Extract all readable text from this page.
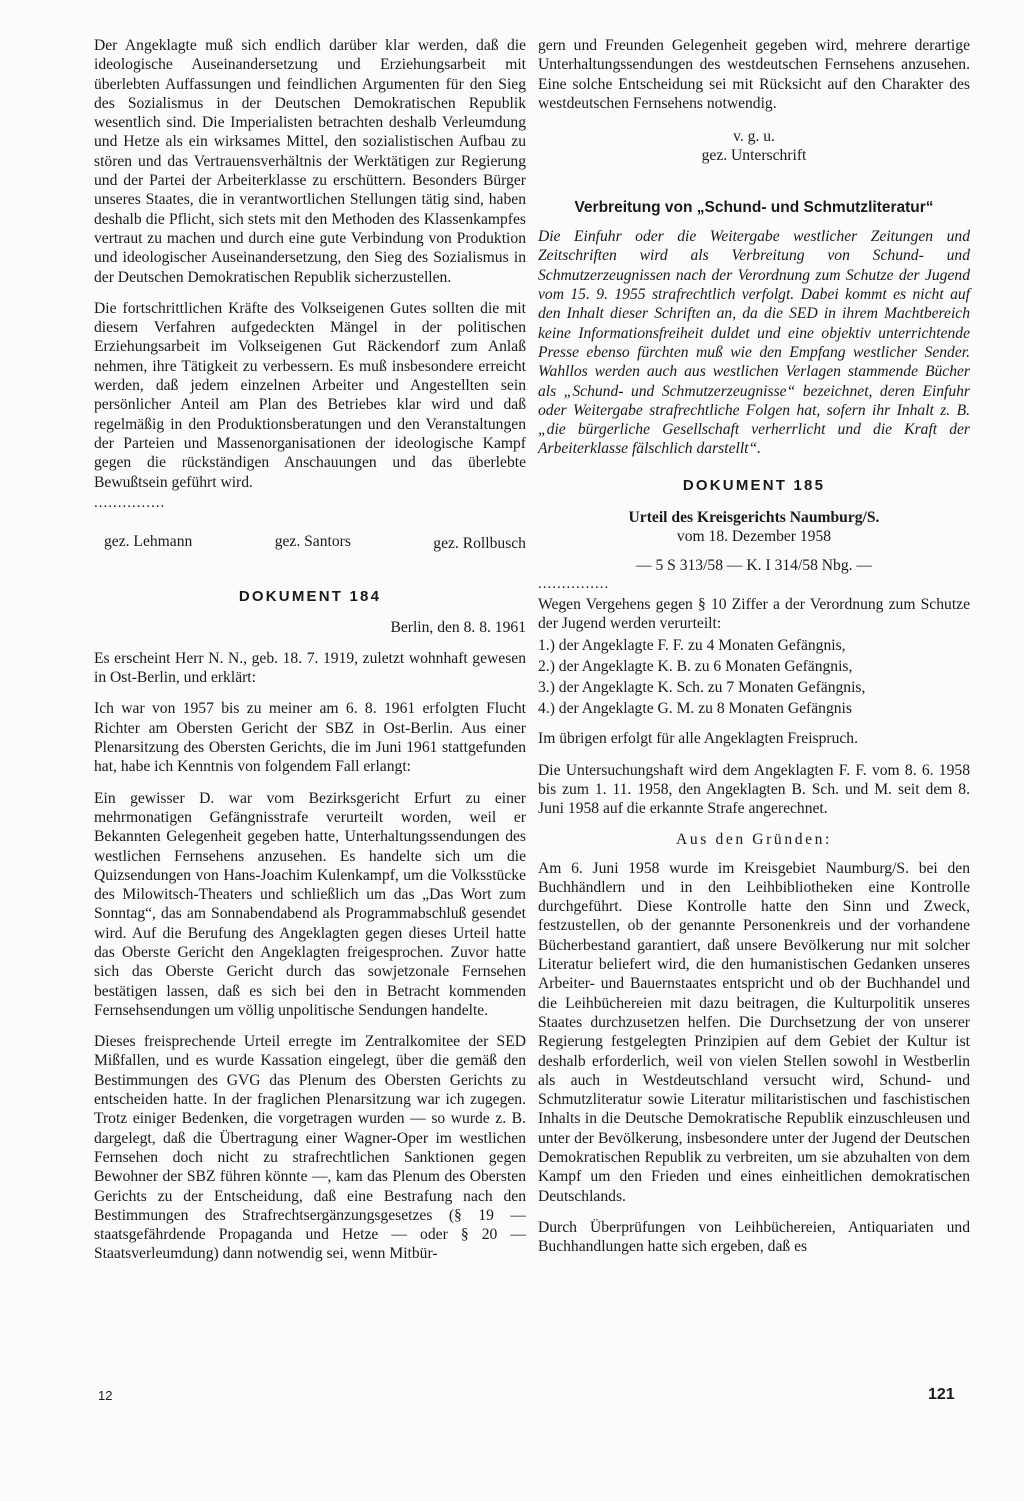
Der Angeklagte muß sich endlich darüber klar werden, daß die ideologische Auseinandersetzung und Erziehungsarbeit mit überlebten Auffassungen und feindlichen Argumenten für den Sieg des Sozialismus in der Deutschen Demokratischen Republik wesentlich sind. Die Imperialisten betrachten deshalb Verleumdung und Hetze als ein wirksames Mittel, den sozialistischen Aufbau zu stören und das Vertrauensverhältnis der Werktätigen zur Regierung und der Partei der Arbeiterklasse zu erschüttern. Besonders Bürger unseres Staates, die in verantwortlichen Stellungen tätig sind, haben deshalb die Pflicht, sich stets mit den Methoden des Klassenkampfes vertraut zu machen und durch eine gute Verbindung von Produktion und ideologischer Auseinandersetzung, den Sieg des Sozialismus in der Deutschen Demokratischen Republik sicherzustellen.

Die fortschrittlichen Kräfte des Volkseigenen Gutes sollten die mit diesem Verfahren aufgedeckten Mängel in der politischen Erziehungsarbeit im Volkseigenen Gut Räckendorf zum Anlaß nehmen, ihre Tätigkeit zu verbessern. Es muß insbesondere erreicht werden, daß jedem einzelnen Arbeiter und Angestellten sein persönlicher Anteil am Plan des Betriebes klar wird und daß regelmäßig in den Produktionsberatungen und den Veranstaltungen der Parteien und Massenorganisationen der ideologische Kampf gegen die rückständigen Anschauungen und das überlebte Bewußtsein geführt wird.

...............
gez. Lehmann	gez. Santors	gez. Rollbusch
DOKUMENT 184
Berlin, den 8. 8. 1961

Es erscheint Herr N. N., geb. 18. 7. 1919, zuletzt wohnhaft gewesen in Ost-Berlin, und erklärt:

Ich war von 1957 bis zu meiner am 6. 8. 1961 erfolgten Flucht Richter am Obersten Gericht der SBZ in Ost-Berlin. Aus einer Plenarsitzung des Obersten Gerichts, die im Juni 1961 stattgefunden hat, habe ich Kenntnis von folgendem Fall erlangt:

Ein gewisser D. war vom Bezirksgericht Erfurt zu einer mehrmonatigen Gefängnisstrafe verurteilt worden, weil er Bekannten Gelegenheit gegeben hatte, Unterhaltungssendungen des westlichen Fernsehens anzusehen. Es handelte sich um die Quizsendungen von Hans-Joachim Kulenkampf, um die Volksstücke des Milowitsch-Theaters und schließlich um das „Das Wort zum Sonntag“, das am Sonnabendabend als Programmabschluß gesendet wird. Auf die Berufung des Angeklagten gegen dieses Urteil hatte das Oberste Gericht den Angeklagten freigesprochen. Zuvor hatte sich das Oberste Gericht durch das sowjetzonale Fernsehen bestätigen lassen, daß es sich bei den in Betracht kommenden Fernsehsendungen um völlig unpolitische Sendungen handelte.

Dieses freisprechende Urteil erregte im Zentralkomitee der SED Mißfallen, und es wurde Kassation eingelegt, über die gemäß den Bestimmungen des GVG das Plenum des Obersten Gerichts zu entscheiden hatte. In der fraglichen Plenarsitzung war ich zugegen. Trotz einiger Bedenken, die vorgetragen wurden — so wurde z. B. dargelegt, daß die Übertragung einer Wagner-Oper im westlichen Fernsehen doch nicht zu strafrechtlichen Sanktionen gegen Bewohner der SBZ führen könnte —, kam das Plenum des Obersten Gerichts zu der Entscheidung, daß eine Bestrafung nach den Bestimmungen des Strafrechtsergänzungsgesetzes (§ 19 — staatsgefährdende Propaganda und Hetze — oder § 20 — Staatsverleumdung) dann notwendig sei, wenn Mitbür-

gern und Freunden Gelegenheit gegeben wird, mehrere derartige Unterhaltungssendungen des westdeutschen Fernsehens anzusehen. Eine solche Entscheidung sei mit Rücksicht auf den Charakter des westdeutschen Fernsehens notwendig.

v. g. u.
gez. Unterschrift
Verbreitung von „Schund- und Schmutzliteratur“

Die Einfuhr oder die Weitergabe westlicher Zeitungen und Zeitschriften wird als Verbreitung von Schund- und Schmutzerzeugnissen nach der Verordnung zum Schutze der Jugend vom 15. 9. 1955 strafrechtlich verfolgt. Dabei kommt es nicht auf den Inhalt dieser Schriften an, da die SED in ihrem Machtbereich keine Informationsfreiheit duldet und eine objektiv unterrichtende Presse ebenso fürchten muß wie den Empfang westlicher Sender. Wahllos werden auch aus westlichen Verlagen stammende Bücher als „Schund- und Schmutzerzeugnisse“ bezeichnet, deren Einfuhr oder Weitergabe strafrechtliche Folgen hat, sofern ihr Inhalt z. B. „die bürgerliche Gesellschaft verherrlicht und die Kraft der Arbeiterklasse fälschlich darstellt“.

DOKUMENT 185
Urteil des Kreisgerichts Naumburg/S.
vom 18. Dezember 1958
— 5 S 313/58 — K. I 314/58 Nbg. —
...............

Wegen Vergehens gegen § 10 Ziffer a der Verordnung zum Schutze der Jugend werden verurteilt:

1.) der Angeklagte F. F. zu 4 Monaten Gefängnis,
2.) der Angeklagte K. B. zu 6 Monaten Gefängnis,
3.) der Angeklagte K. Sch. zu 7 Monaten Gefängnis,
4.) der Angeklagte G. M. zu 8 Monaten Gefängnis

Im übrigen erfolgt für alle Angeklagten Freispruch.

Die Untersuchungshaft wird dem Angeklagten F. F. vom 8. 6. 1958 bis zum 1. 11. 1958, den Angeklagten B. Sch. und M. seit dem 8. Juni 1958 auf die erkannte Strafe angerechnet.

Aus den Gründen:

Am 6. Juni 1958 wurde im Kreisgebiet Naumburg/S. bei den Buchhändlern und in den Leihbibliotheken eine Kontrolle durchgeführt. Diese Kontrolle hatte den Sinn und Zweck, festzustellen, ob der genannte Personenkreis und der vorhandene Bücherbestand garantiert, daß unsere Bevölkerung nur mit solcher Literatur beliefert wird, die den humanistischen Gedanken unseres Arbeiter- und Bauernstaates entspricht und ob der Buchhandel und die Leihbüchereien mit dazu beitragen, die Kulturpolitik unseres Staates durchzusetzen helfen. Die Durchsetzung der von unserer Regierung festgelegten Prinzipien auf dem Gebiet der Kultur ist deshalb erforderlich, weil von vielen Stellen sowohl in Westberlin als auch in Westdeutschland versucht wird, Schund- und Schmutzliteratur sowie Literatur militaristischen und faschistischen Inhalts in die Deutsche Demokratische Republik einzuschleusen und unter der Bevölkerung, insbesondere unter der Jugend der Deutschen Demokratischen Republik zu verbreiten, um sie abzuhalten von dem Kampf um den Frieden und eines einheitlichen demokratischen Deutschlands.

Durch Überprüfungen von Leihbüchereien, Antiquariaten und Buchhandlungen hatte sich ergeben, daß es

12	121
